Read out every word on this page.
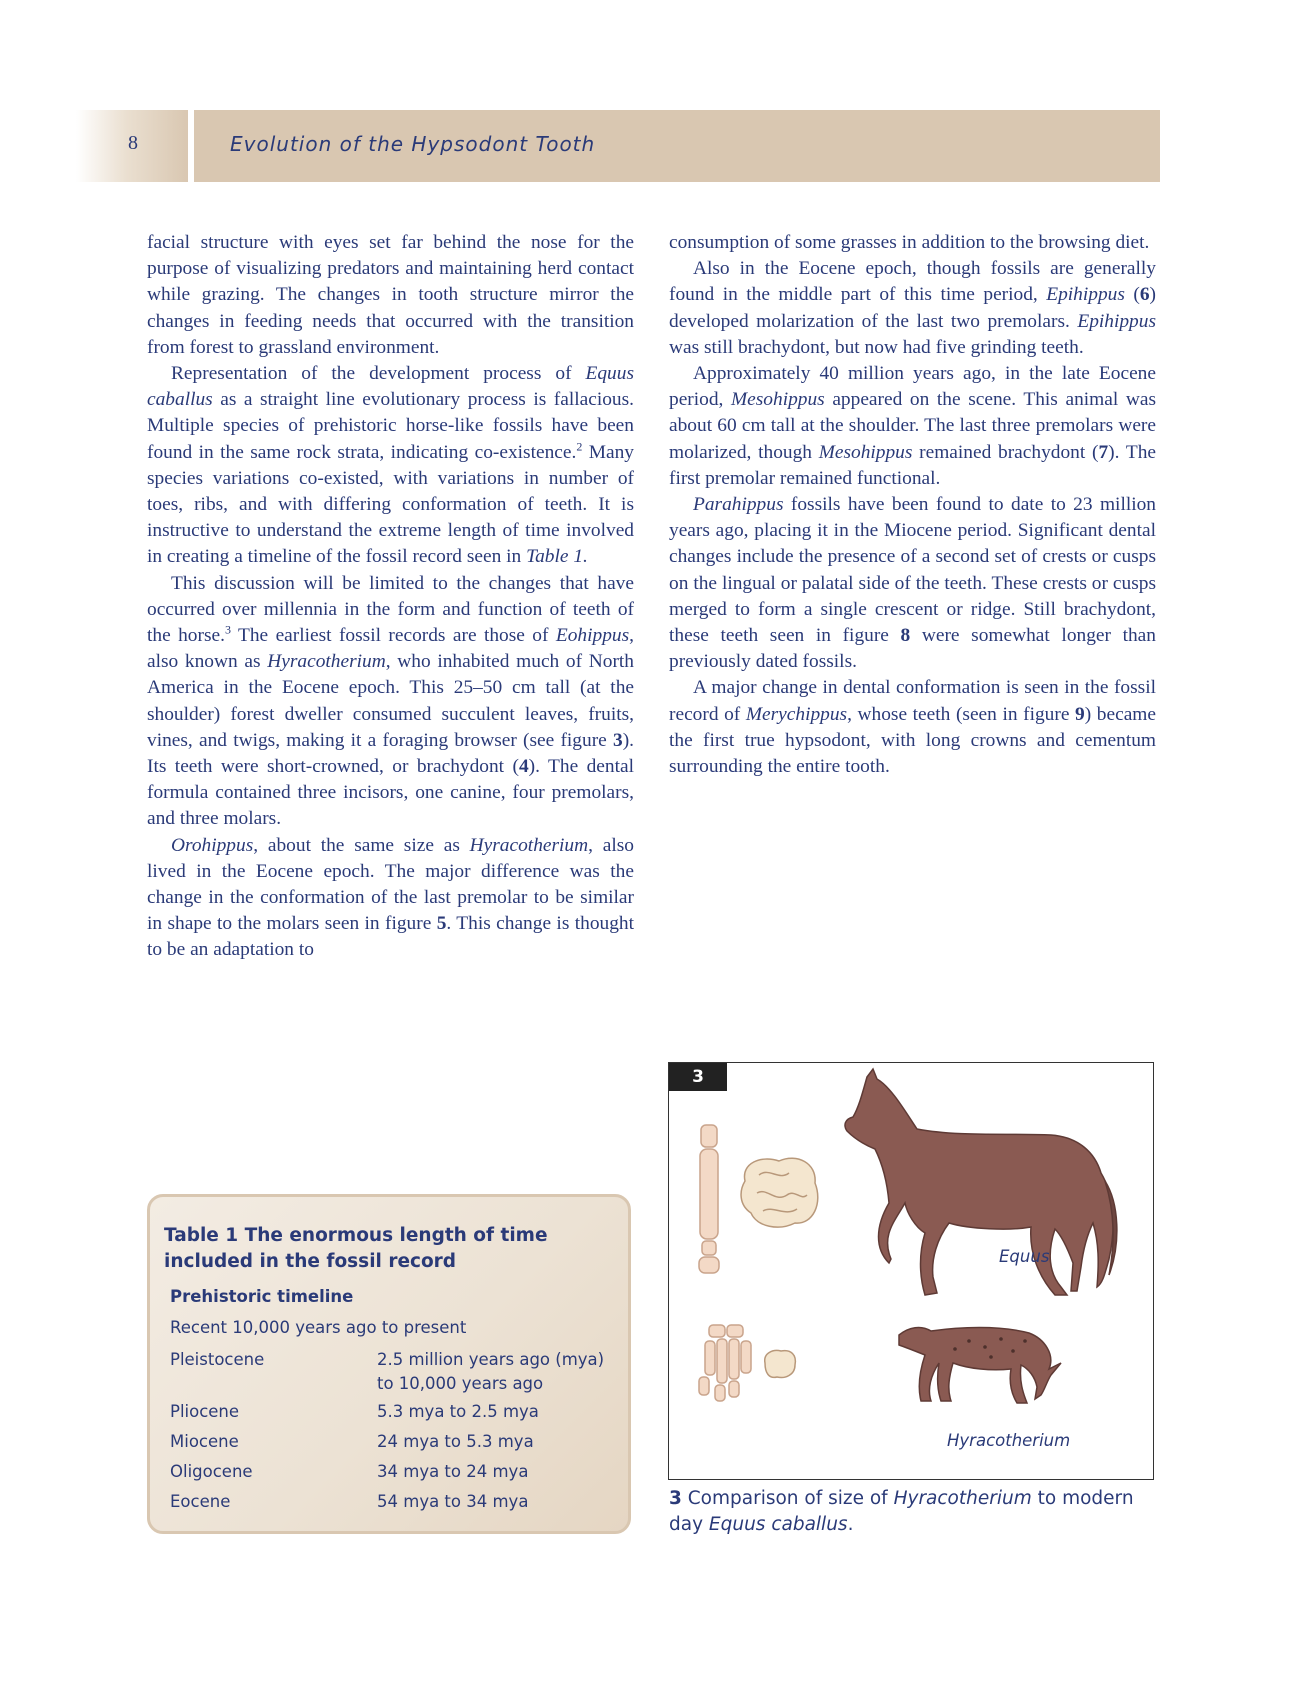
8	Evolution of the Hypsodont Tooth

facial structure with eyes set far behind the nose for the purpose of visualizing predators and maintaining herd contact while grazing. The changes in tooth structure mirror the changes in feeding needs that occurred with the transition from forest to grassland environment.

Representation of the development process of Equus caballus as a straight line evolutionary process is fallacious. Multiple species of prehistoric horse-like fossils have been found in the same rock strata, indicating co-existence.$^2$ Many species variations co-existed, with variations in number of toes, ribs, and with differing conformation of teeth. It is instructive to understand the extreme length of time involved in creating a timeline of the fossil record seen in Table 1.

This discussion will be limited to the changes that have occurred over millennia in the form and function of teeth of the horse.$^3$ The earliest fossil records are those of Eohippus, also known as Hyracotherium, who inhabited much of North America in the Eocene epoch. This 25–50 cm tall (at the shoulder) forest dweller consumed succulent leaves, fruits, vines, and twigs, making it a foraging browser (see figure 3). Its teeth were short-crowned, or brachydont (4). The dental formula contained three incisors, one canine, four premolars, and three molars.

Orohippus, about the same size as Hyracotherium, also lived in the Eocene epoch. The major difference was the change in the conformation of the last premolar to be similar in shape to the molars seen in figure 5. This change is thought to be an adaptation to

consumption of some grasses in addition to the browsing diet.

Also in the Eocene epoch, though fossils are generally found in the middle part of this time period, Epihippus (6) developed molarization of the last two premolars. Epihippus was still brachydont, but now had five grinding teeth.

Approximately 40 million years ago, in the late Eocene period, Mesohippus appeared on the scene. This animal was about 60 cm tall at the shoulder. The last three premolars were molarized, though Mesohippus remained brachydont (7). The first premolar remained functional.

Parahippus fossils have been found to date to 23 million years ago, placing it in the Miocene period. Significant dental changes include the presence of a second set of crests or cusps on the lingual or palatal side of the teeth. These crests or cusps merged to form a single crescent or ridge. Still brachydont, these teeth seen in figure 8 were somewhat longer than previously dated fossils.

A major change in dental conformation is seen in the fossil record of Merychippus, whose teeth (seen in figure 9) became the first true hypsodont, with long crowns and cementum surrounding the entire tooth.

Table 1 The enormous length of time included in the fossil record
Prehistoric timeline
Recent 10,000 years ago to present
Pleistocene	2.5 million years ago (mya)
to 10,000 years ago
Pliocene	5.3 mya to 2.5 mya
Miocene	24 mya to 5.3 mya
Oligocene	34 mya to 24 mya
Eocene	54 mya to 34 mya
3
Equus
Hyracotherium
3 Comparison of size of Hyracotherium to modern day Equus caballus.
